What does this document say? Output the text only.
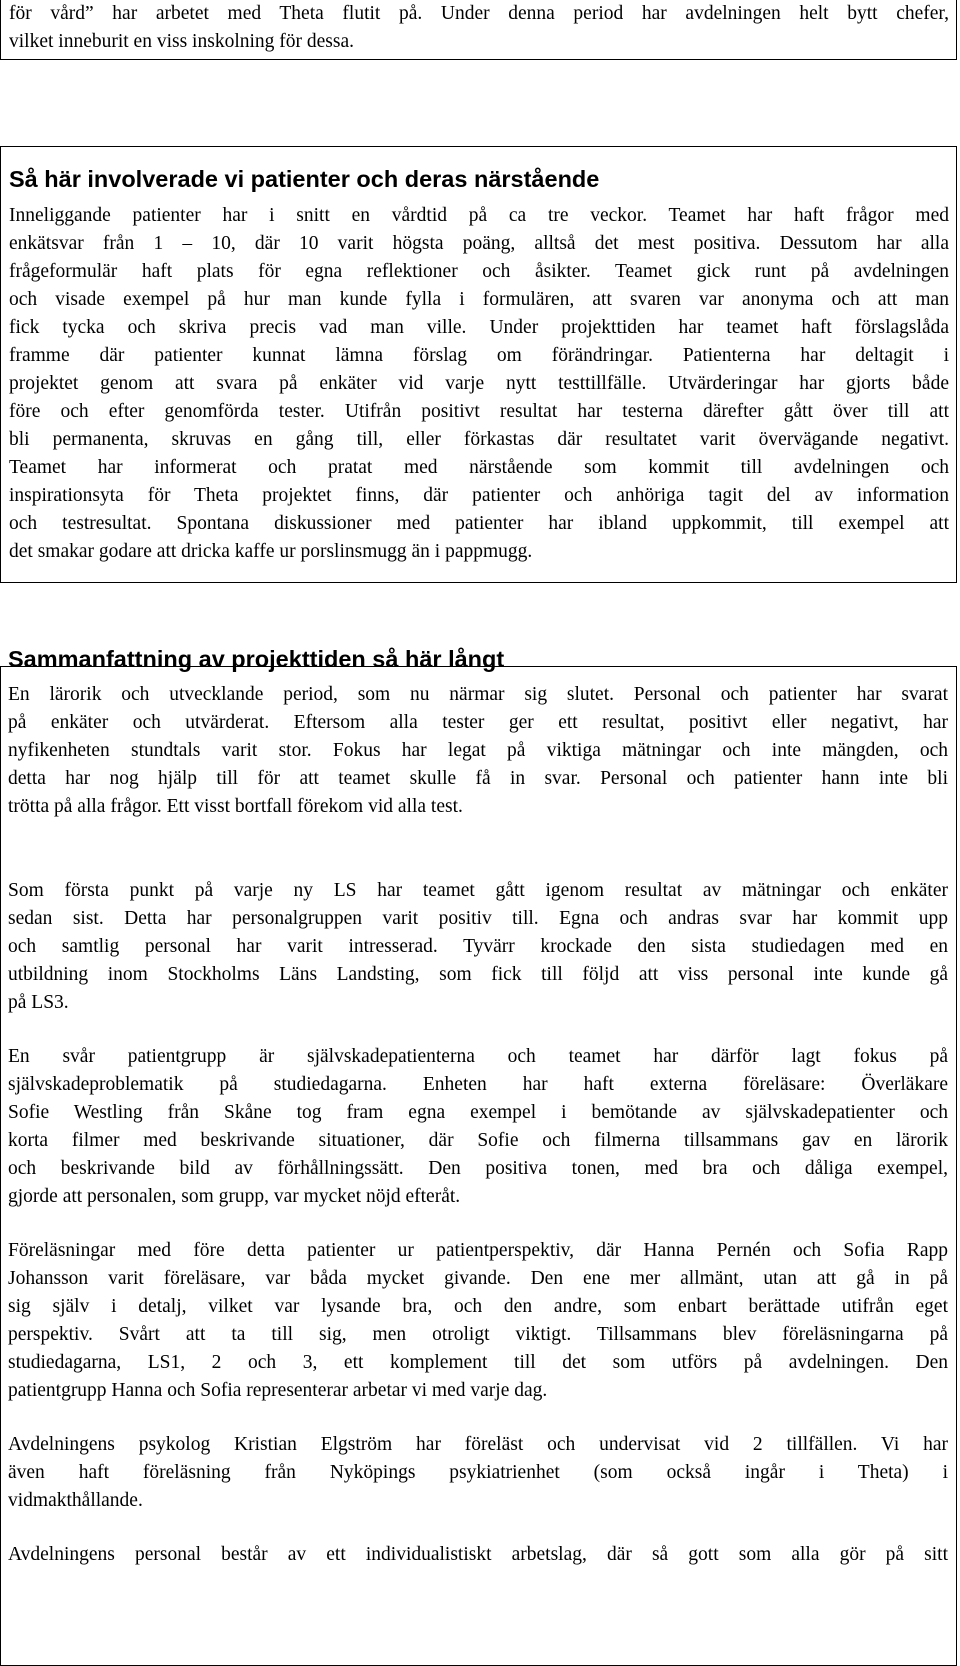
för vård” har arbetet med Theta flutit på. Under denna period har avdelningen helt bytt chefer,
vilket inneburit en viss inskolning för dessa.
Så här involverade vi patienter och deras närstående
Inneliggande patienter har i snitt en vårdtid på ca tre veckor. Teamet har haft frågor med
enkätsvar från 1 – 10, där 10 varit högsta poäng, alltså det mest positiva. Dessutom har alla
frågeformulär haft plats för egna reflektioner och åsikter. Teamet gick runt på avdelningen
och visade exempel på hur man kunde fylla i formulären, att svaren var anonyma och att man
fick tycka och skriva precis vad man ville. Under projekttiden har teamet haft förslagslåda
framme där patienter kunnat lämna förslag om förändringar. Patienterna har deltagit i
projektet genom att svara på enkäter vid varje nytt testtillfälle. Utvärderingar har gjorts både
före och efter genomförda tester. Utifrån positivt resultat har testerna därefter gått över till att
bli permanenta, skruvas en gång till, eller förkastas där resultatet varit övervägande negativt.
Teamet har informerat och pratat med närstående som kommit till avdelningen och
inspirationsyta för Theta projektet finns, där patienter och anhöriga tagit del av information
och testresultat. Spontana diskussioner med patienter har ibland uppkommit, till exempel att
det smakar godare att dricka kaffe ur porslinsmugg än i pappmugg.
Sammanfattning av projekttiden så här långt
En lärorik och utvecklande period, som nu närmar sig slutet. Personal och patienter har svarat
på enkäter och utvärderat. Eftersom alla tester ger ett resultat, positivt eller negativt, har
nyfikenheten stundtals varit stor. Fokus har legat på viktiga mätningar och inte mängden, och
detta har nog hjälp till för att teamet skulle få in svar. Personal och patienter hann inte bli
trötta på alla frågor. Ett visst bortfall förekom vid alla test.
Som första punkt på varje ny LS har teamet gått igenom resultat av mätningar och enkäter
sedan sist. Detta har personalgruppen varit positiv till. Egna och andras svar har kommit upp
och samtlig personal har varit intresserad. Tyvärr krockade den sista studiedagen med en
utbildning inom Stockholms Läns Landsting, som fick till följd att viss personal inte kunde gå
på LS3.
En svår patientgrupp är självskadepatienterna och teamet har därför lagt fokus på
självskadeproblematik på studiedagarna. Enheten har haft externa föreläsare: Överläkare
Sofie Westling från Skåne tog fram egna exempel i bemötande av självskadepatienter och
korta filmer med beskrivande situationer, där Sofie och filmerna tillsammans gav en lärorik
och beskrivande bild av förhållningssätt. Den positiva tonen, med bra och dåliga exempel,
gjorde att personalen, som grupp, var mycket nöjd efteråt.
Föreläsningar med före detta patienter ur patientperspektiv, där Hanna Pernén och Sofia Rapp
Johansson varit föreläsare, var båda mycket givande. Den ene mer allmänt, utan att gå in på
sig själv i detalj, vilket var lysande bra, och den andre, som enbart berättade utifrån eget
perspektiv. Svårt att ta till sig, men otroligt viktigt. Tillsammans blev föreläsningarna på
studiedagarna, LS1, 2 och 3, ett komplement till det som utförs på avdelningen. Den
patientgrupp Hanna och Sofia representerar arbetar vi med varje dag.
Avdelningens psykolog Kristian Elgström har föreläst och undervisat vid 2 tillfällen. Vi har
även haft föreläsning från Nyköpings psykiatrienhet (som också ingår i Theta) i
vidmakthållande.
Avdelningens personal består av ett individualistiskt arbetslag, där så gott som alla gör på sitt
